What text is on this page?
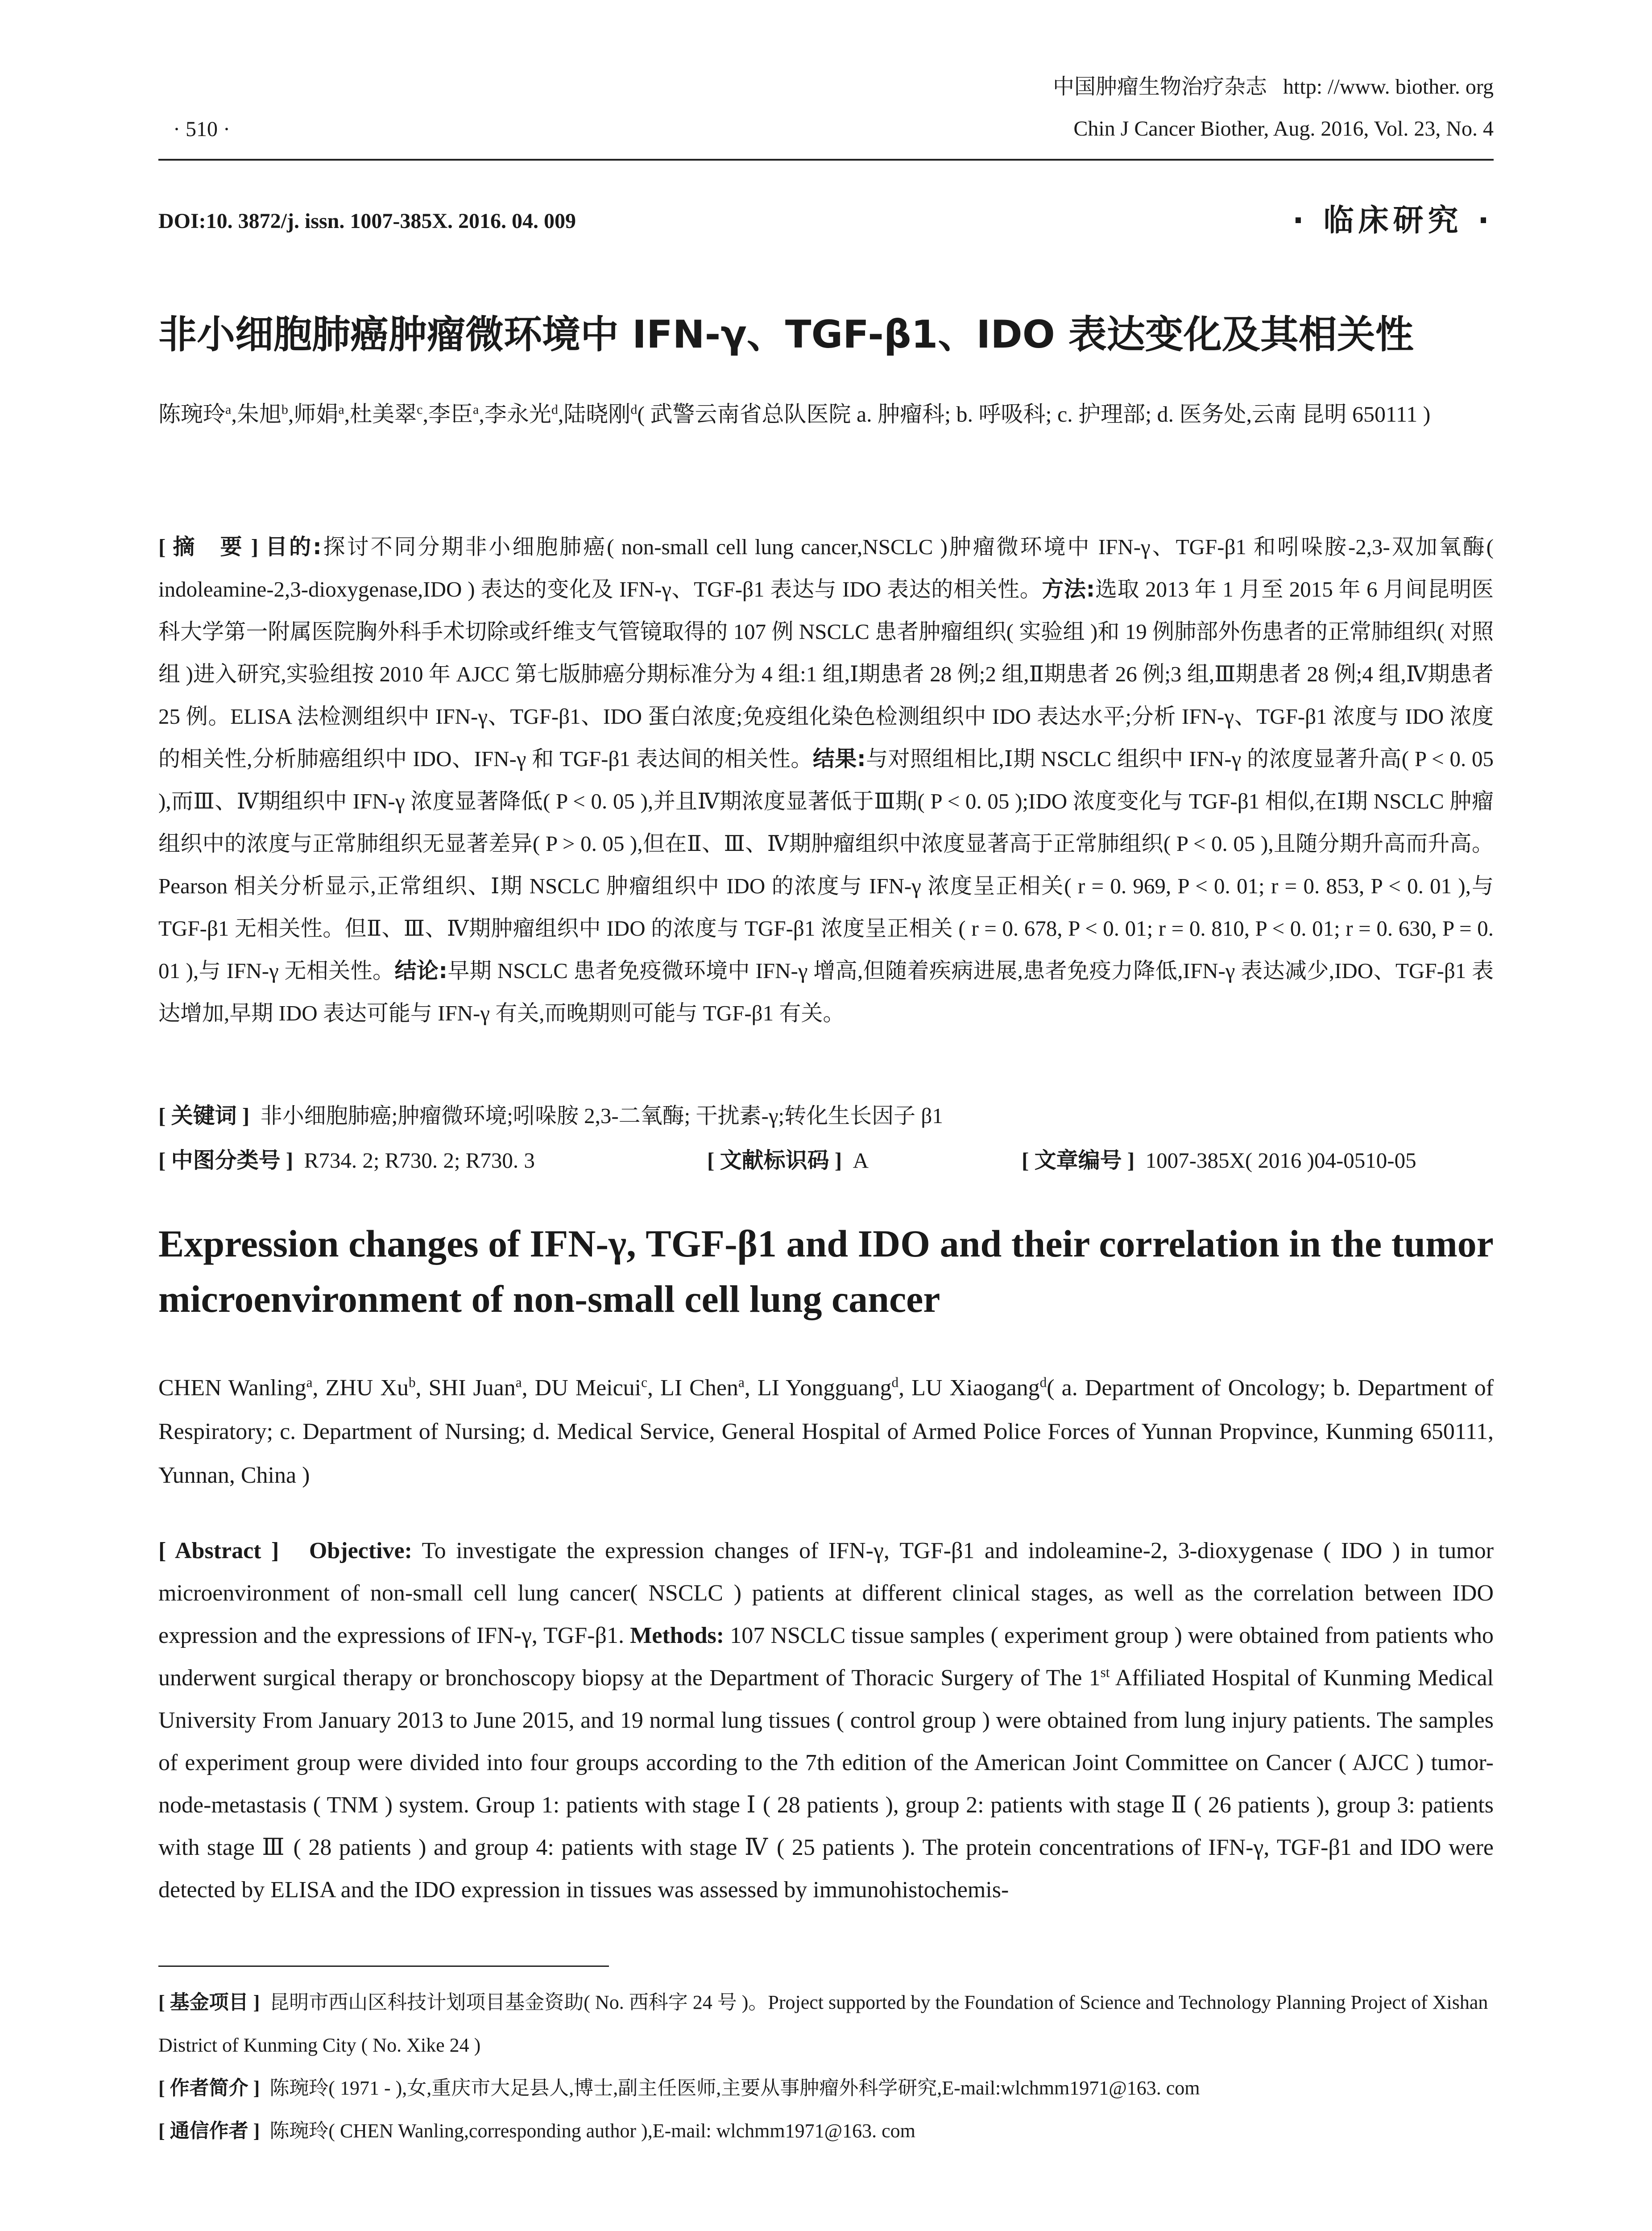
· 510 ·
中国肿瘤生物治疗杂志 http: //www. biother. org
Chin J Cancer Biother, Aug. 2016, Vol. 23, No. 4
DOI:10. 3872/j. issn. 1007-385X. 2016. 04. 009	· 临床研究 ·
非小细胞肺癌肿瘤微环境中 IFN-γ、TGF-β1、IDO 表达变化及其相关性
陈琬玲$^a$,朱旭$^b$,师娟$^a$,杜美翠$^c$,李臣$^a$,李永光$^d$,陆晓刚$^d$( 武警云南省总队医院 a. 肿瘤科; b. 呼吸科; c. 护理部; d. 医务处,云南 昆明 650111 )
[ 摘　要 ] 目的:探讨不同分期非小细胞肺癌( non-small cell lung cancer,NSCLC )肿瘤微环境中 IFN-γ、TGF-β1 和吲哚胺-2,3-双加氧酶( indoleamine-2,3-dioxygenase,IDO ) 表达的变化及 IFN-γ、TGF-β1 表达与 IDO 表达的相关性。方法:选取 2013 年 1 月至 2015 年 6 月间昆明医科大学第一附属医院胸外科手术切除或纤维支气管镜取得的 107 例 NSCLC 患者肿瘤组织( 实验组 )和 19 例肺部外伤患者的正常肺组织( 对照组 )进入研究,实验组按 2010 年 AJCC 第七版肺癌分期标准分为 4 组:1 组,Ⅰ期患者 28 例;2 组,Ⅱ期患者 26 例;3 组,Ⅲ期患者 28 例;4 组,Ⅳ期患者 25 例。ELISA 法检测组织中 IFN-γ、TGF-β1、IDO 蛋白浓度;免疫组化染色检测组织中 IDO 表达水平;分析 IFN-γ、TGF-β1 浓度与 IDO 浓度的相关性,分析肺癌组织中 IDO、IFN-γ 和 TGF-β1 表达间的相关性。结果:与对照组相比,Ⅰ期 NSCLC 组织中 IFN-γ 的浓度显著升高( P < 0. 05 ),而Ⅲ、Ⅳ期组织中 IFN-γ 浓度显著降低( P < 0. 05 ),并且Ⅳ期浓度显著低于Ⅲ期( P < 0. 05 );IDO 浓度变化与 TGF-β1 相似,在Ⅰ期 NSCLC 肿瘤组织中的浓度与正常肺组织无显著差异( P > 0. 05 ),但在Ⅱ、Ⅲ、Ⅳ期肿瘤组织中浓度显著高于正常肺组织( P < 0. 05 ),且随分期升高而升高。Pearson 相关分析显示,正常组织、Ⅰ期 NSCLC 肿瘤组织中 IDO 的浓度与 IFN-γ 浓度呈正相关( r = 0. 969, P < 0. 01; r = 0. 853, P < 0. 01 ),与 TGF-β1 无相关性。但Ⅱ、Ⅲ、Ⅳ期肿瘤组织中 IDO 的浓度与 TGF-β1 浓度呈正相关 ( r = 0. 678, P < 0. 01; r = 0. 810, P < 0. 01; r = 0. 630, P = 0. 01 ),与 IFN-γ 无相关性。结论:早期 NSCLC 患者免疫微环境中 IFN-γ 增高,但随着疾病进展,患者免疫力降低,IFN-γ 表达减少,IDO、TGF-β1 表达增加,早期 IDO 表达可能与 IFN-γ 有关,而晚期则可能与 TGF-β1 有关。
[ 关键词 ] 非小细胞肺癌;肿瘤微环境;吲哚胺 2,3-二氧酶; 干扰素-γ;转化生长因子 β1
[ 中图分类号 ] R734. 2; R730. 2; R730. 3	[ 文献标识码 ] A	[ 文章编号 ] 1007-385X( 2016 )04-0510-05
Expression changes of IFN-γ, TGF-β1 and IDO and their correlation in the tumor microenvironment of non-small cell lung cancer
CHEN Wanling$^a$, ZHU Xu$^b$, SHI Juan$^a$, DU Meicui$^c$, LI Chen$^a$, LI Yongguang$^d$, LU Xiaogang$^d$( a. Department of Oncology; b. Department of Respiratory; c. Department of Nursing; d. Medical Service, General Hospital of Armed Police Forces of Yunnan Propvince, Kunming 650111, Yunnan, China )
[ Abstract ] Objective: To investigate the expression changes of IFN-γ, TGF-β1 and indoleamine-2, 3-dioxygenase ( IDO ) in tumor microenvironment of non-small cell lung cancer( NSCLC ) patients at different clinical stages, as well as the correlation between IDO expression and the expressions of IFN-γ, TGF-β1. Methods: 107 NSCLC tissue samples ( experiment group ) were obtained from patients who underwent surgical therapy or bronchoscopy biopsy at the Department of Thoracic Surgery of The 1st Affiliated Hospital of Kunming Medical University From January 2013 to June 2015, and 19 normal lung tissues ( control group ) were obtained from lung injury patients. The samples of experiment group were divided into four groups according to the 7th edition of the American Joint Committee on Cancer ( AJCC ) tumor-node-metastasis ( TNM ) system. Group 1: patients with stage Ⅰ ( 28 patients ), group 2: patients with stage Ⅱ ( 26 patients ), group 3: patients with stage Ⅲ ( 28 patients ) and group 4: patients with stage Ⅳ ( 25 patients ). The protein concentrations of IFN-γ, TGF-β1 and IDO were detected by ELISA and the IDO expression in tissues was assessed by immunohistochemis-

[ 基金项目 ] 昆明市西山区科技计划项目基金资助( No. 西科字 24 号 )。Project supported by the Foundation of Science and Technology Planning Project of Xishan District of Kunming City ( No. Xike 24 )

[ 作者简介 ] 陈琬玲( 1971 - ),女,重庆市大足县人,博士,副主任医师,主要从事肿瘤外科学研究,E-mail:wlchmm1971@163. com

[ 通信作者 ] 陈琬玲( CHEN Wanling,corresponding author ),E-mail: wlchmm1971@163. com
